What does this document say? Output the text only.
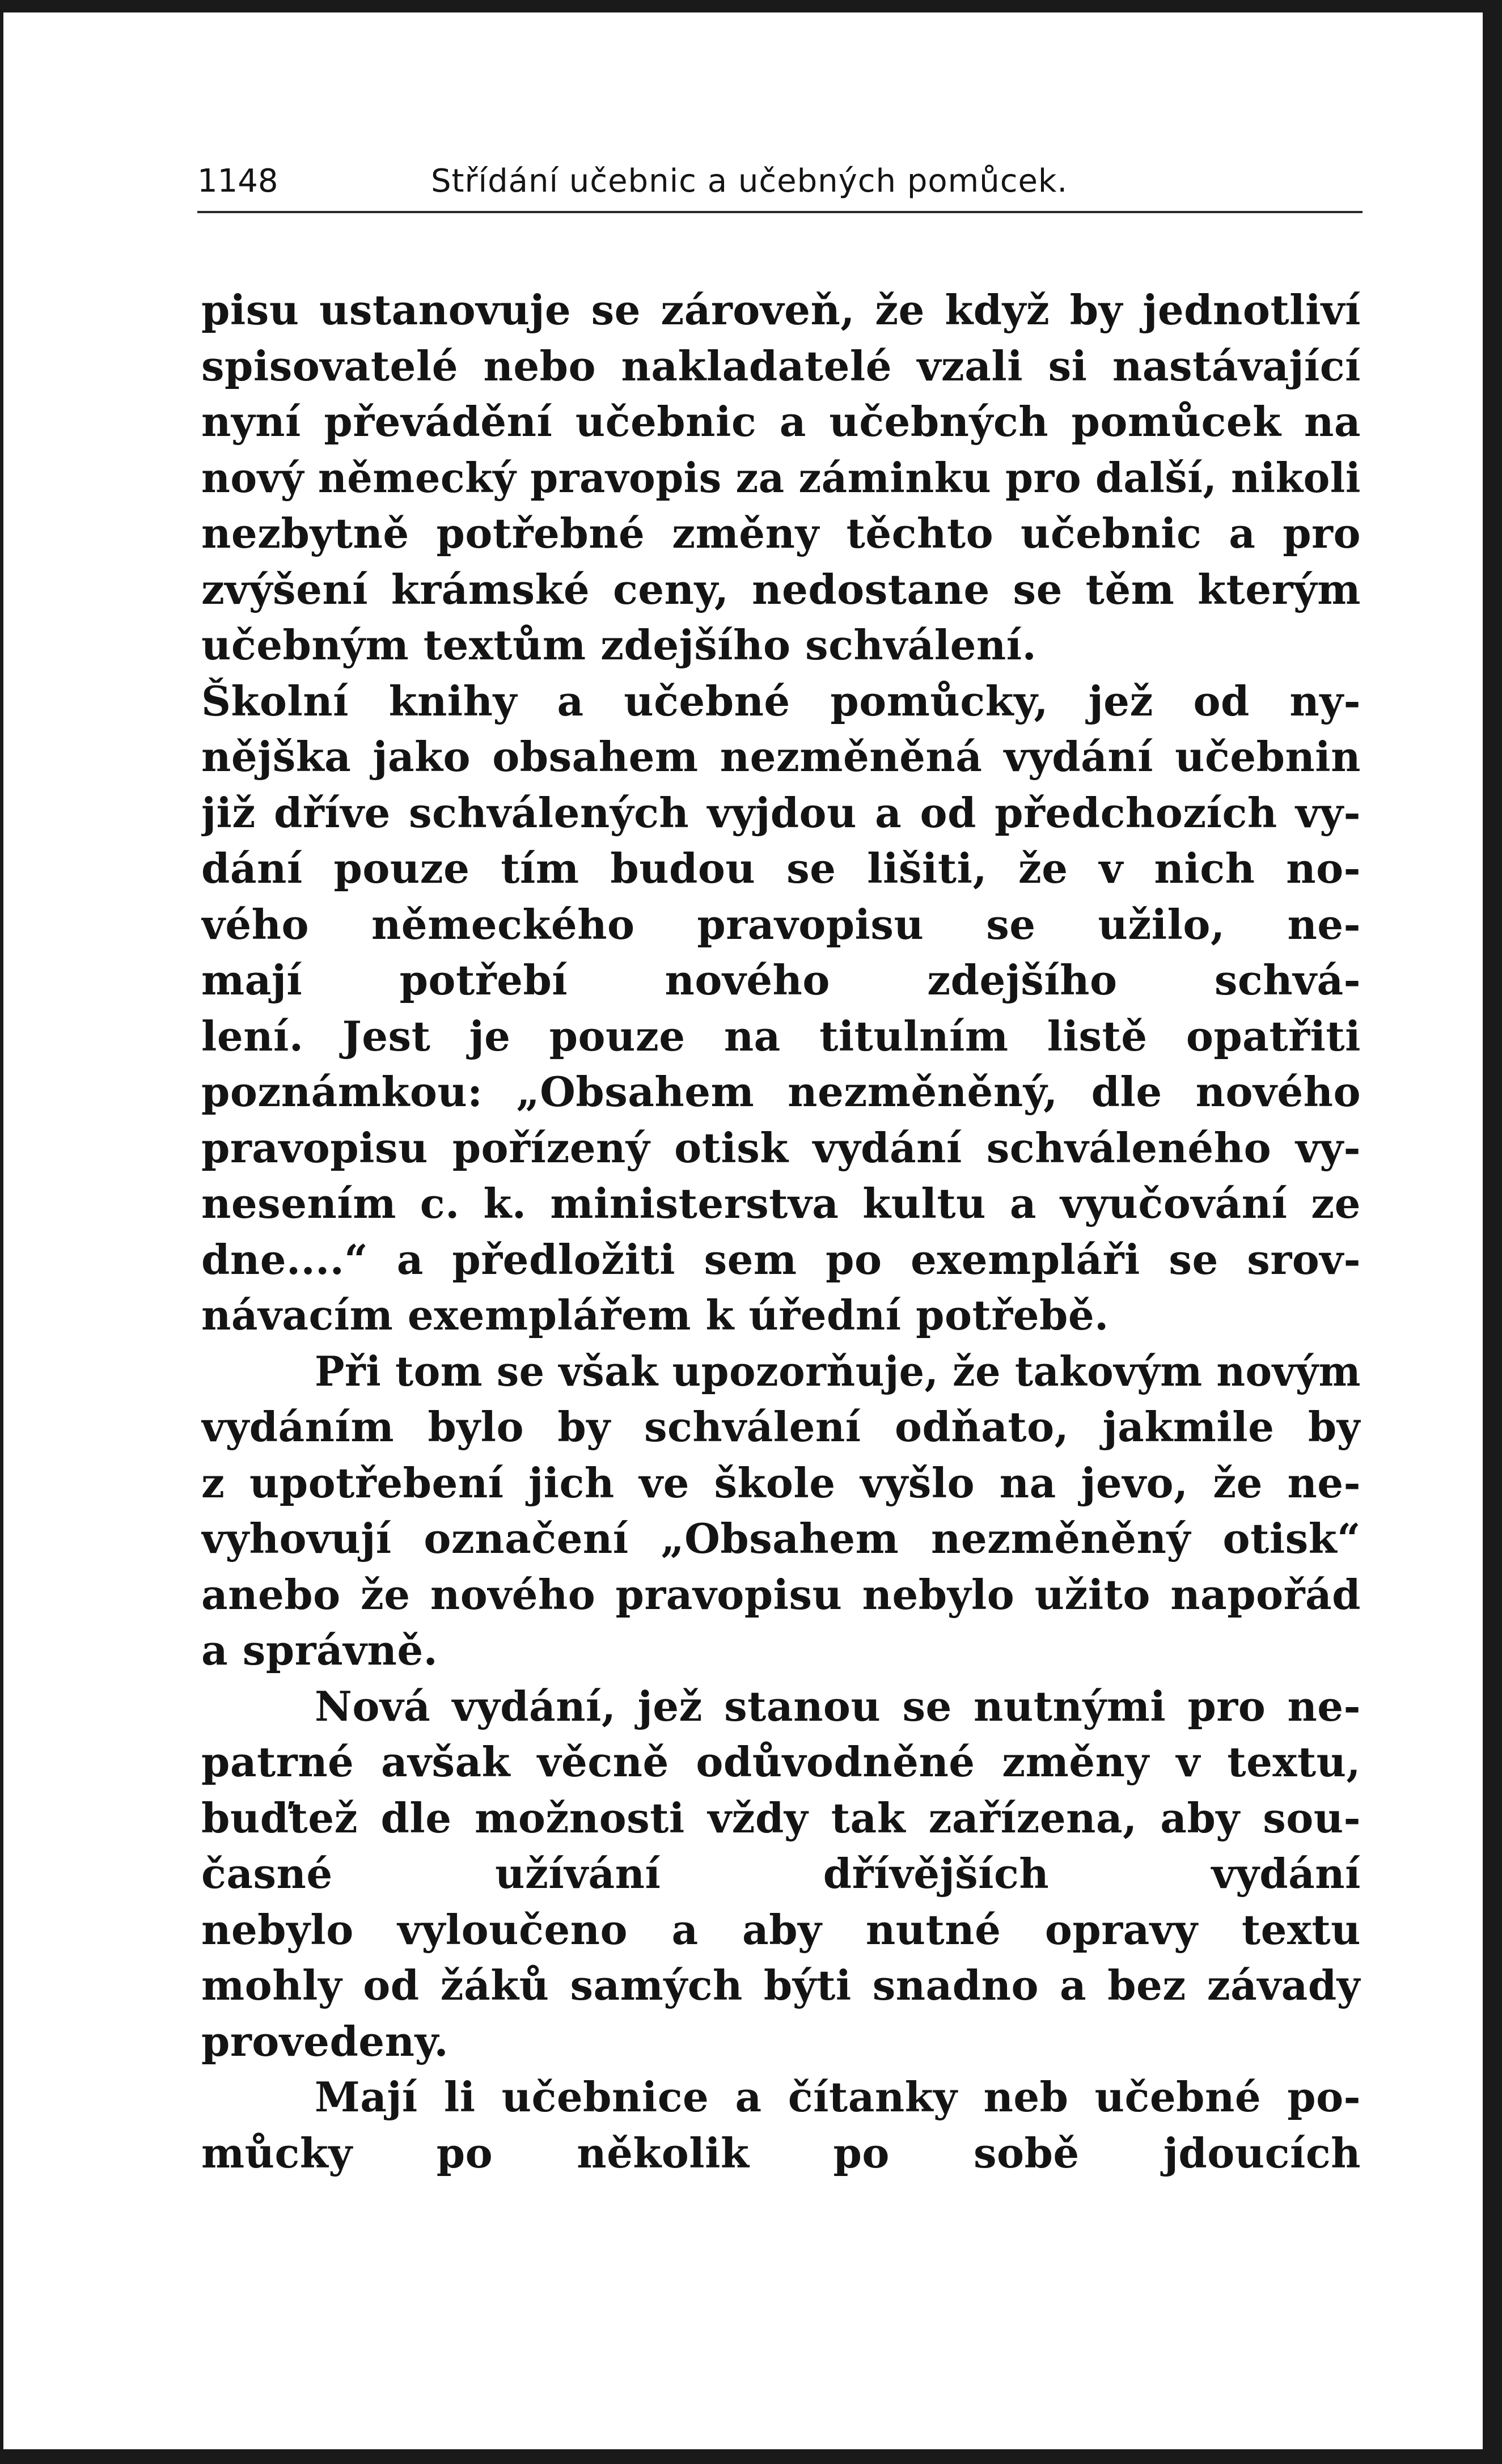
1148	Střídání učebnic a učebných pomůcek.
pisu ustanovuje se zároveň, že když by jednotliví
spisovatelé nebo nakladatelé vzali si nastávající
nyní převádění učebnic a učebných pomůcek na
nový německý pravopis za záminku pro další, nikoli
nezbytně potřebné změny těchto učebnic a pro
zvýšení krámské ceny, nedostane se těm kterým
učebným textům zdejšího schválení.
Školní knihy a učebné pomůcky, jež od ny-
nějška jako obsahem nezměněná vydání učebnin
již dříve schválených vyjdou a od předchozích vy-
dání pouze tím budou se lišiti, že v nich no-
vého německého pravopisu se užilo, ne-
mají potřebí nového zdejšího schvá-
lení. Jest je pouze na titulním listě opatřiti
poznámkou: „Obsahem nezměněný, dle nového
pravopisu pořízený otisk vydání schváleného vy-
nesením c. k. ministerstva kultu a vyučování ze
dne....“ a předložiti sem po exempláři se srov-
návacím exemplářem k úřední potřebě.
Při tom se však upozorňuje, že takovým novým
vydáním bylo by schválení odňato, jakmile by
z upotřebení jich ve škole vyšlo na jevo, že ne-
vyhovují označení „Obsahem nezměněný otisk“
anebo že nového pravopisu nebylo užito napořád
a správně.
Nová vydání, jež stanou se nutnými pro ne-
patrné avšak věcně odůvodněné změny v textu,
buďtež dle možnosti vždy tak zařízena, aby sou-
časné užívání dřívějších vydání
nebylo vyloučeno a aby nutné opravy textu
mohly od žáků samých býti snadno a bez závady
provedeny.
Mají li učebnice a čítanky neb učebné po-
můcky po několik po sobě jdoucích
